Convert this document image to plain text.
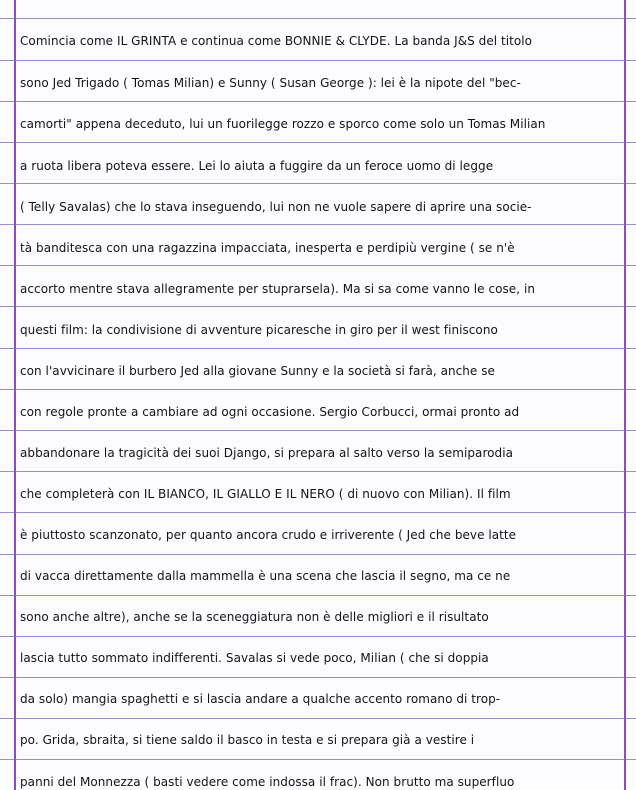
Comincia come IL GRINTA e continua come BONNIE & CLYDE. La banda J&S del titolo
sono Jed Trigado ( Tomas Milian) e Sunny ( Susan George ): lei è la nipote del "bec-
camorti" appena deceduto, lui un fuorilegge rozzo e sporco come solo un Tomas Milian
a ruota libera poteva essere. Lei lo aiuta a fuggire da un feroce uomo di legge
( Telly Savalas) che lo stava inseguendo, lui non ne vuole sapere di aprire una socie-
tà banditesca con una ragazzina impacciata, inesperta e perdipiù vergine ( se n'è
accorto mentre stava allegramente per stuprarsela). Ma si sa come vanno le cose, in
questi film: la condivisione di avventure picaresche in giro per il west finiscono
con l'avvicinare il burbero Jed alla giovane Sunny e la società si farà, anche se
con regole pronte a cambiare ad ogni occasione. Sergio Corbucci, ormai pronto ad
abbandonare la tragicità dei suoi Django, si prepara al salto verso la semiparodia
che completerà con IL BIANCO, IL GIALLO E IL NERO ( di nuovo con Milian). Il film
è piuttosto scanzonato, per quanto ancora crudo e irriverente ( Jed che beve latte
di vacca direttamente dalla mammella è una scena che lascia il segno, ma ce ne
sono anche altre), anche se la sceneggiatura non è delle migliori e il risultato
lascia tutto sommato indifferenti. Savalas si vede poco, Milian ( che si doppia
da solo) mangia spaghetti e si lascia andare a qualche accento romano di trop-
po. Grida, sbraita, si tiene saldo il basco in testa e si prepara già a vestire i
panni del Monnezza ( basti vedere come indossa il frac). Non brutto ma superfluo
